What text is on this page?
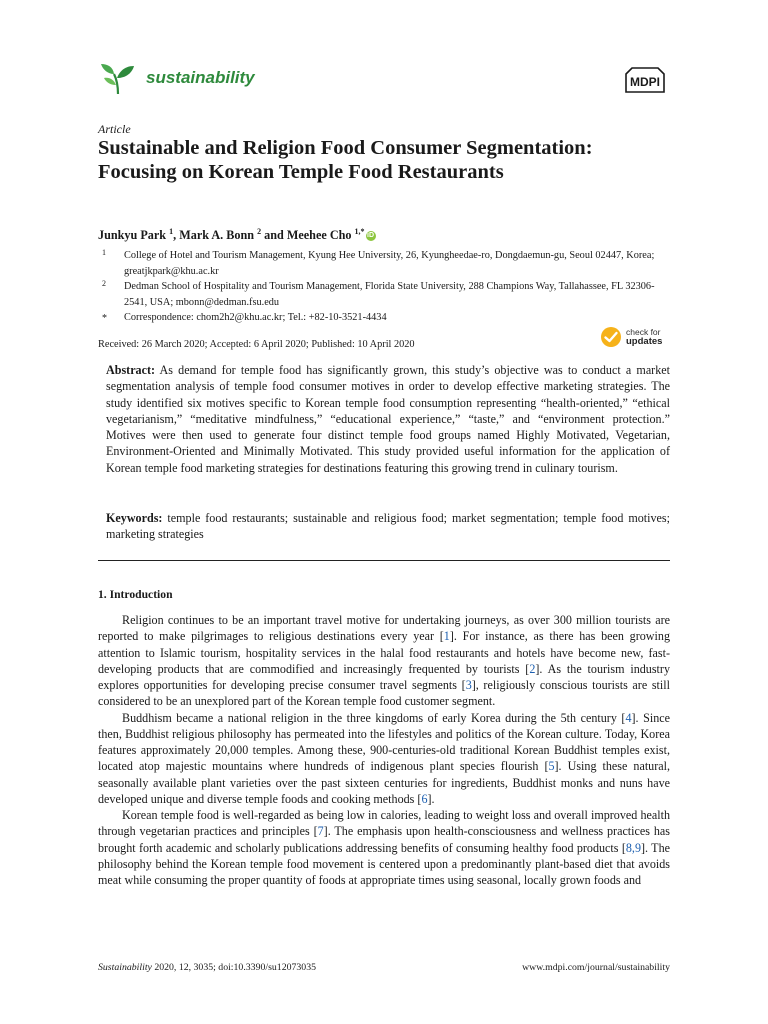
sustainability	MDPI
Article
Sustainable and Religion Food Consumer Segmentation: Focusing on Korean Temple Food Restaurants
Junkyu Park $^1$, Mark A. Bonn $^2$ and Meehee Cho $^{1,*}$ iD
1 College of Hotel and Tourism Management, Kyung Hee University, 26, Kyungheedae-ro, Dongdaemun-gu, Seoul 02447, Korea; greatjkpark@khu.ac.kr
2 Dedman School of Hospitality and Tourism Management, Florida State University, 288 Champions Way, Tallahassee, FL 32306-2541, USA; mbonn@dedman.fsu.edu
* Correspondence: chom2h2@khu.ac.kr; Tel.: +82-10-3521-4434
Received: 26 March 2020; Accepted: 6 April 2020; Published: 10 April 2020
check for
updates
Abstract: As demand for temple food has significantly grown, this study’s objective was to conduct a market segmentation analysis of temple food consumer motives in order to develop effective marketing strategies. The study identified six motives specific to Korean temple food consumption representing “health-oriented,” “ethical vegetarianism,” “meditative mindfulness,” “educational experience,” “taste,” and “environment protection.” Motives were then used to generate four distinct temple food groups named Highly Motivated, Vegetarian, Environment-Oriented and Minimally Motivated. This study provided useful information for the application of Korean temple food marketing strategies for destinations featuring this growing trend in culinary tourism.
Keywords: temple food restaurants; sustainable and religious food; market segmentation; temple food motives; marketing strategies
1. Introduction

Religion continues to be an important travel motive for undertaking journeys, as over 300 million tourists are reported to make pilgrimages to religious destinations every year [1]. For instance, as there has been growing attention to Islamic tourism, hospitality services in the halal food restaurants and hotels have become new, fast-developing products that are commodified and increasingly frequented by tourists [2]. As the tourism industry explores opportunities for developing precise consumer travel segments [3], religiously conscious tourists are still considered to be an unexplored part of the Korean temple food customer segment.

Buddhism became a national religion in the three kingdoms of early Korea during the 5th century [4]. Since then, Buddhist religious philosophy has permeated into the lifestyles and politics of the Korean culture. Today, Korea features approximately 20,000 temples. Among these, 900-centuries-old traditional Korean Buddhist temples exist, located atop majestic mountains where hundreds of indigenous plant species flourish [5]. Using these natural, seasonally available plant varieties over the past sixteen centuries for ingredients, Buddhist monks and nuns have developed unique and diverse temple foods and cooking methods [6].

Korean temple food is well-regarded as being low in calories, leading to weight loss and overall improved health through vegetarian practices and principles [7]. The emphasis upon health-consciousness and wellness practices has brought forth academic and scholarly publications addressing benefits of consuming healthy food products [8,9]. The philosophy behind the Korean temple food movement is centered upon a predominantly plant-based diet that avoids meat while consuming the proper quantity of foods at appropriate times using seasonal, locally grown foods and

Sustainability 2020, 12, 3035; doi:10.3390/su12073035	www.mdpi.com/journal/sustainability
